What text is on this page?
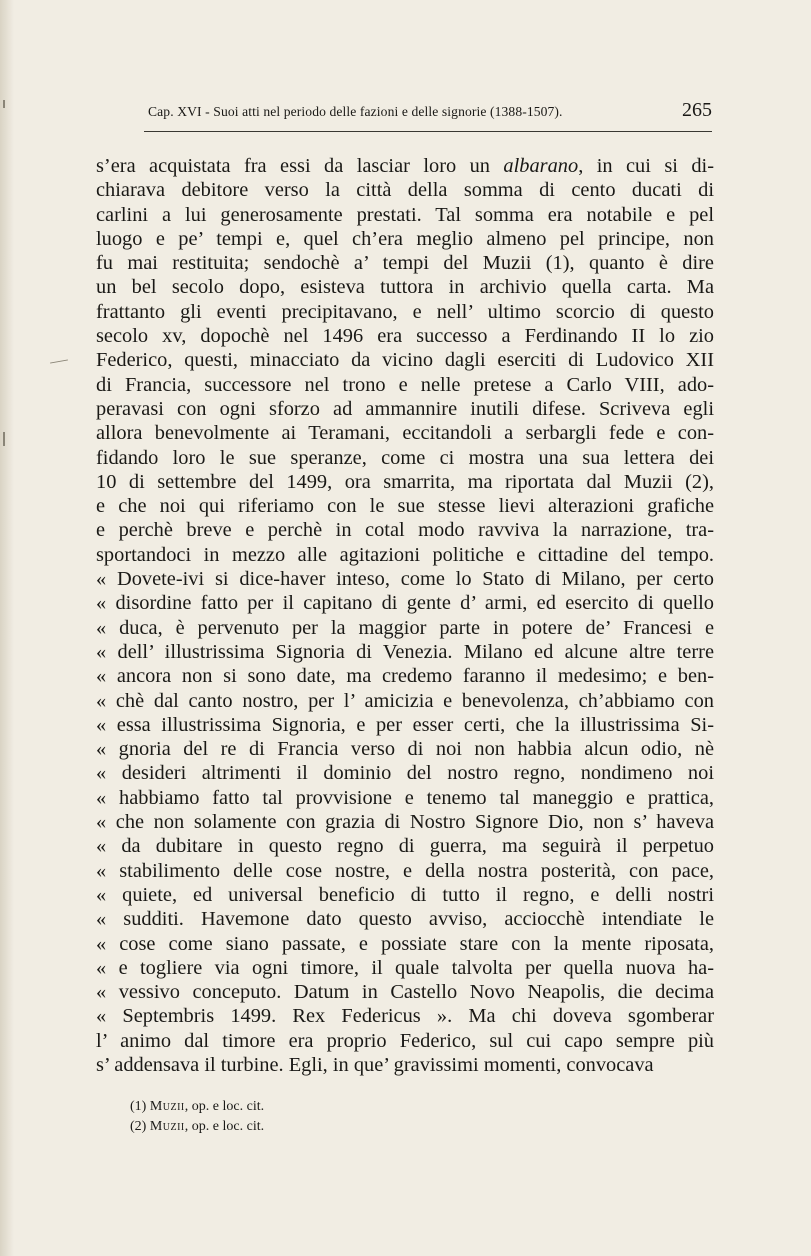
Cap. XVI - Suoi atti nel periodo delle fazioni e delle signorie (1388-1507).	265
s’era acquistata fra essi da lasciar loro un albarano, in cui si di-
chiarava debitore verso la città della somma di cento ducati di
carlini a lui generosamente prestati. Tal somma era notabile e pel
luogo e pe’ tempi e, quel ch’era meglio almeno pel principe, non
fu mai restituita; sendochè a’ tempi del Muzii (1), quanto è dire
un bel secolo dopo, esisteva tuttora in archivio quella carta. Ma
frattanto gli eventi precipitavano, e nell’ ultimo scorcio di questo
secolo xv, dopochè nel 1496 era successo a Ferdinando II lo zio
Federico, questi, minacciato da vicino dagli eserciti di Ludovico XII
di Francia, successore nel trono e nelle pretese a Carlo VIII, ado-
peravasi con ogni sforzo ad ammannire inutili difese. Scriveva egli
allora benevolmente ai Teramani, eccitandoli a serbargli fede e con-
fidando loro le sue speranze, come ci mostra una sua lettera dei
10 di settembre del 1499, ora smarrita, ma riportata dal Muzii (2),
e che noi qui riferiamo con le sue stesse lievi alterazioni grafiche
e perchè breve e perchè in cotal modo ravviva la narrazione, tra-
sportandoci in mezzo alle agitazioni politiche e cittadine del tempo.
« Dovete-ivi si dice-haver inteso, come lo Stato di Milano, per certo
« disordine fatto per il capitano di gente d’ armi, ed esercito di quello
« duca, è pervenuto per la maggior parte in potere de’ Francesi e
« dell’ illustrissima Signoria di Venezia. Milano ed alcune altre terre
« ancora non si sono date, ma credemo faranno il medesimo; e ben-
« chè dal canto nostro, per l’ amicizia e benevolenza, ch’abbiamo con
« essa illustrissima Signoria, e per esser certi, che la illustrissima Si-
« gnoria del re di Francia verso di noi non habbia alcun odio, nè
« desideri altrimenti il dominio del nostro regno, nondimeno noi
« habbiamo fatto tal provvisione e tenemo tal maneggio e prattica,
« che non solamente con grazia di Nostro Signore Dio, non s’ haveva
« da dubitare in questo regno di guerra, ma seguirà il perpetuo
« stabilimento delle cose nostre, e della nostra posterità, con pace,
« quiete, ed universal beneficio di tutto il regno, e delli nostri
« sudditi. Havemone dato questo avviso, acciocchè intendiate le
« cose come siano passate, e possiate stare con la mente riposata,
« e togliere via ogni timore, il quale talvolta per quella nuova ha-
« vessivo conceputo. Datum in Castello Novo Neapolis, die decima
« Septembris 1499. Rex Federicus ». Ma chi doveva sgomberar
l’ animo dal timore era proprio Federico, sul cui capo sempre più
s’ addensava il turbine. Egli, in que’ gravissimi momenti, convocava
(1) Muzii, op. e loc. cit.
(2) Muzii, op. e loc. cit.
